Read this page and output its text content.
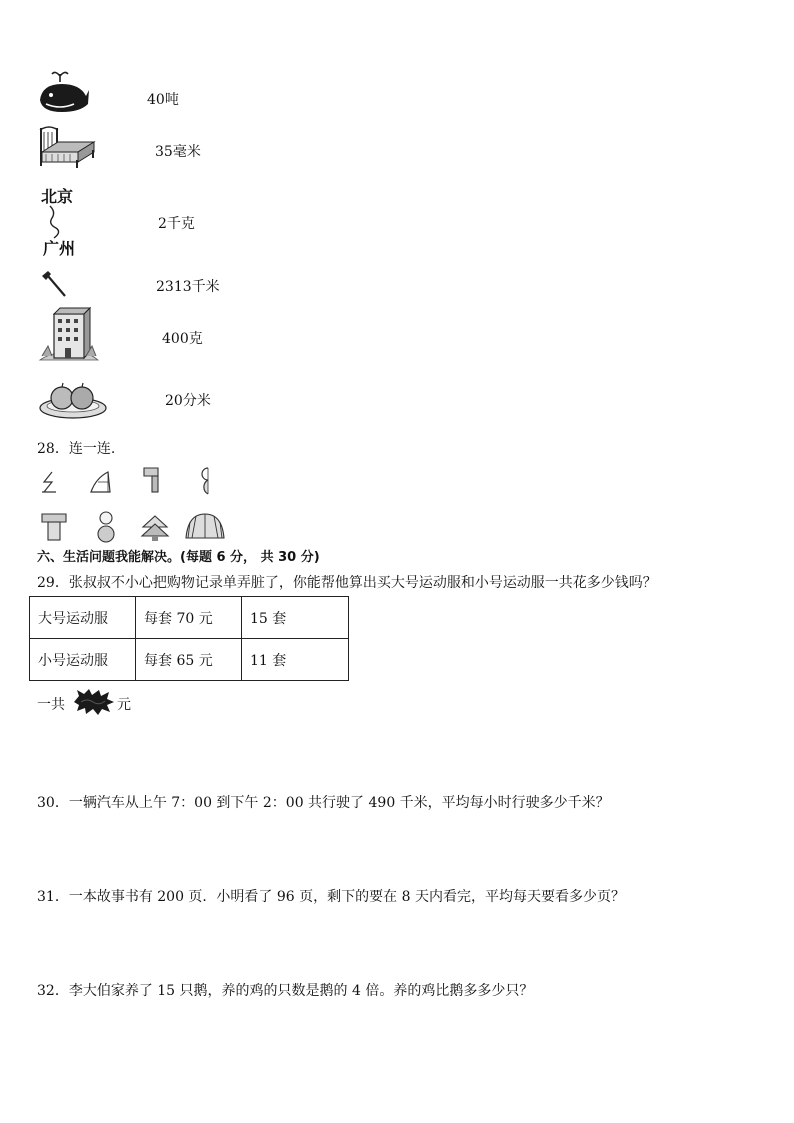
40吨
35毫米
北京
广州
2千克
2313千米
400克
20分米
28．连一连.
六、生活问题我能解决。(每题 6 分， 共 30 分)
29．张叔叔不小心把购物记录单弄脏了，你能帮他算出买大号运动服和小号运动服一共花多少钱吗？
大号运动服	每套 70 元	15 套
小号运动服	每套 65 元	11 套
一共	元
30．一辆汽车从上午 7：00 到下午 2：00 共行驶了 490 千米，平均每小时行驶多少千米？
31．一本故事书有 200 页．小明看了 96 页，剩下的要在 8 天内看完，平均每天要看多少页？
32．李大伯家养了 15 只鹅，养的鸡的只数是鹅的 4 倍。养的鸡比鹅多多少只？
